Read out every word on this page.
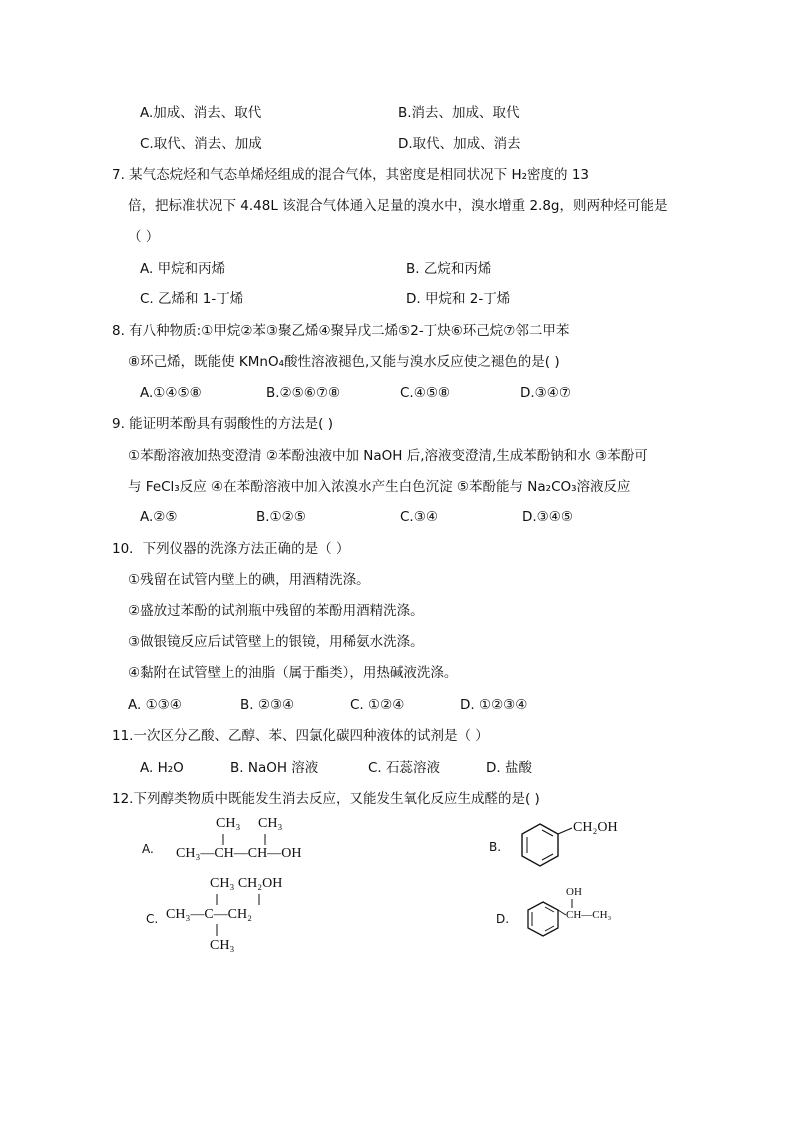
A.加成、消去、取代	B.消去、加成、取代
C.取代、消去、加成	D.取代、加成、消去
7. 某气态烷烃和气态单烯烃组成的混合气体，其密度是相同状况下 H₂密度的 13
倍，把标准状况下 4.48L 该混合气体通入足量的溴水中，溴水增重 2.8g，则两种烃可能是
（ ）
A. 甲烷和丙烯	B. 乙烷和丙烯
C. 乙烯和 1-丁烯	D. 甲烷和 2-丁烯
8. 有八种物质:①甲烷②苯③聚乙烯④聚异戊二烯⑤2-丁炔⑥环己烷⑦邻二甲苯
⑧环己烯，既能使 KMnO₄酸性溶液褪色,又能与溴水反应使之褪色的是( )
A.①④⑤⑧	B.②⑤⑥⑦⑧	C.④⑤⑧	D.③④⑦
9. 能证明苯酚具有弱酸性的方法是( )
①苯酚溶液加热变澄清 ②苯酚浊液中加 NaOH 后,溶液变澄清,生成苯酚钠和水 ③苯酚可
与 FeCl₃反应 ④在苯酚溶液中加入浓溴水产生白色沉淀 ⑤苯酚能与 Na₂CO₃溶液反应
A.②⑤	B.①②⑤	C.③④	D.③④⑤
10．下列仪器的洗涤方法正确的是（ ）
①残留在试管内壁上的碘，用酒精洗涤。
②盛放过苯酚的试剂瓶中残留的苯酚用酒精洗涤。
③做银镜反应后试管壁上的银镜，用稀氨水洗涤。
④黏附在试管壁上的油脂（属于酯类），用热碱液洗涤。
A. ①③④	B. ②③④	C. ①②④	D. ①②③④
11.一次区分乙酸、乙醇、苯、四氯化碳四种液体的试剂是（ ）
A. H₂O	B. NaOH 溶液	C. 石蕊溶液	D. 盐酸
12.下列醇类物质中既能发生消去反应，又能发生氧化反应生成醛的是( )
A.
CH₃ CH₃
CH₃—CH—CH—OH	B.
CH₂OH
C.
CH₃ CH₂OH
CH₃—C—CH₂
CH₃
D.
OH
CH—CH₃
